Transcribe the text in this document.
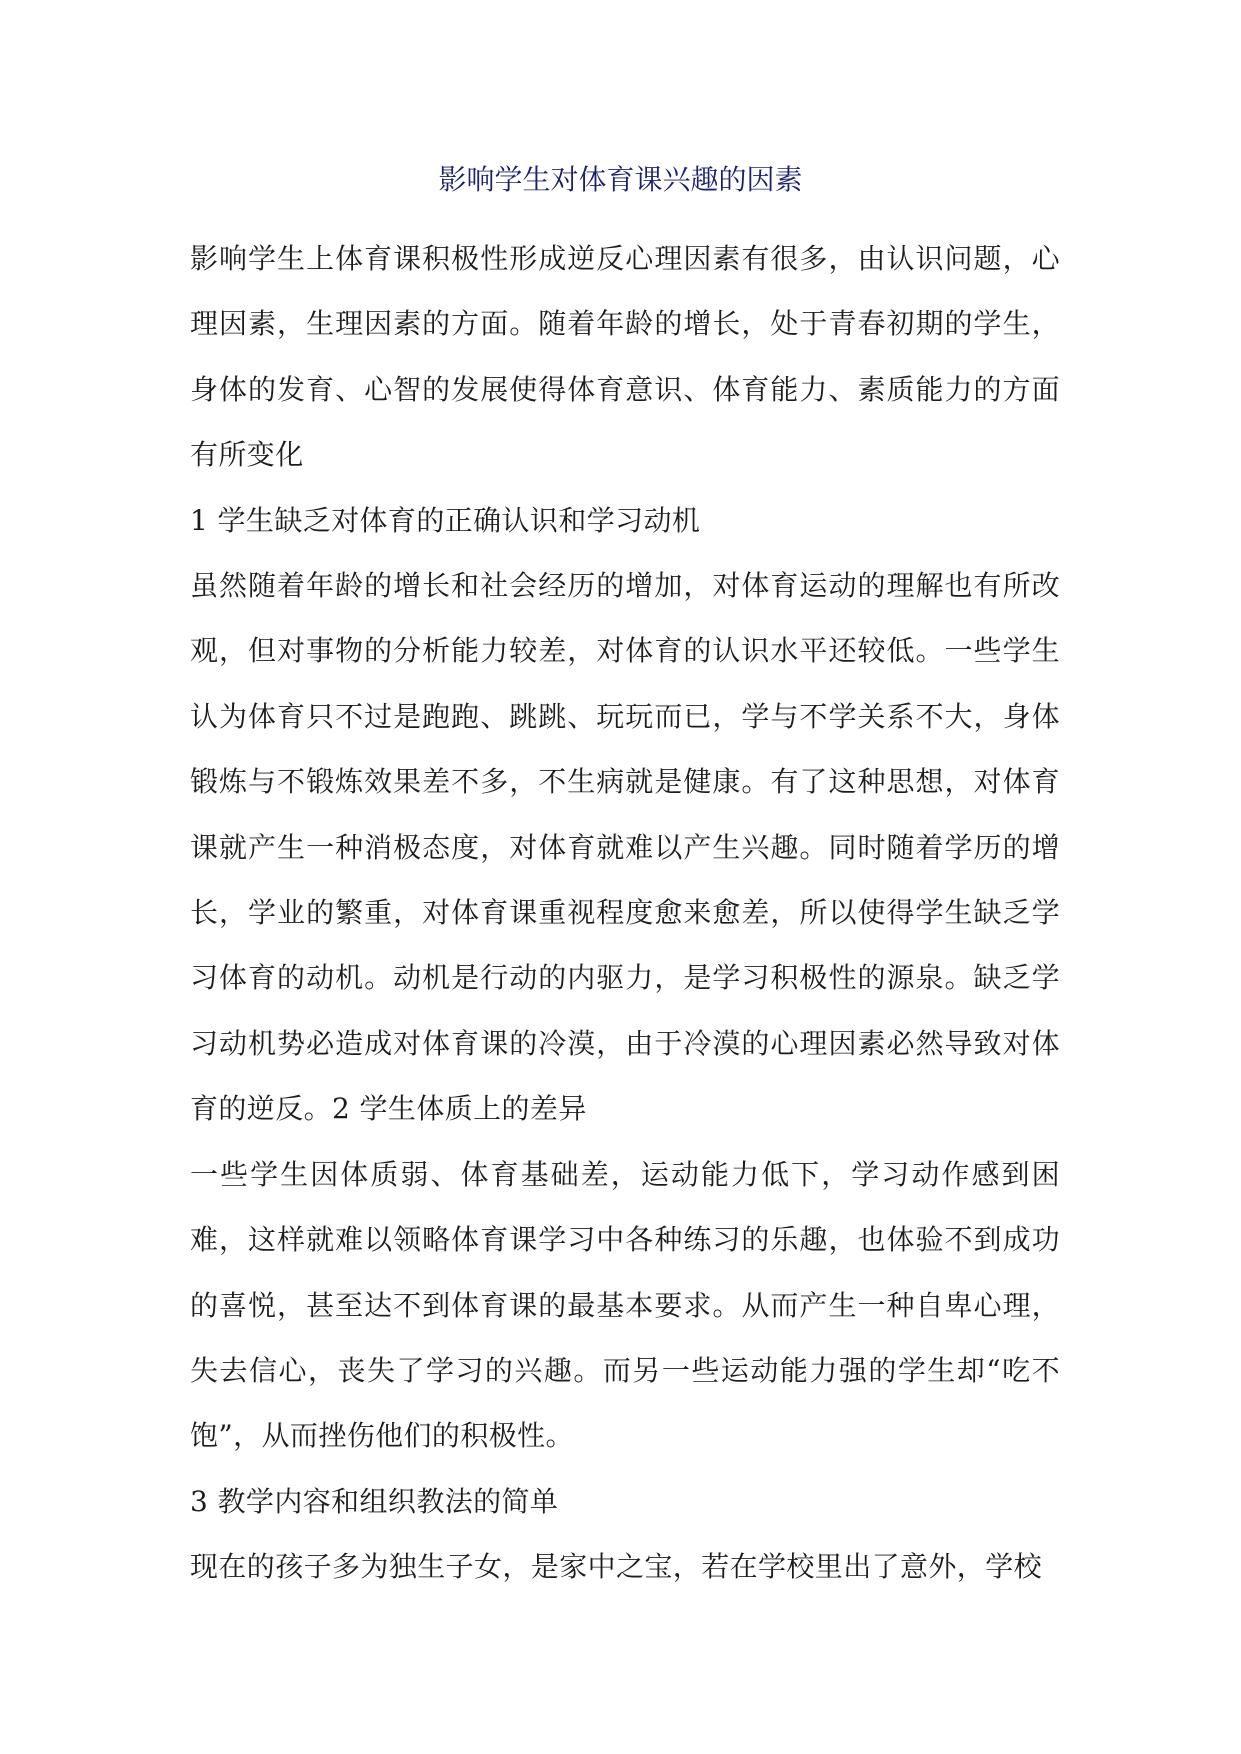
影响学生对体育课兴趣的因素

影响学生上体育课积极性形成逆反心理因素有很多，由认识问题，心理因素，生理因素的方面。随着年龄的增长，处于青春初期的学生，身体的发育、心智的发展使得体育意识、体育能力、素质能力的方面有所变化

1 学生缺乏对体育的正确认识和学习动机

虽然随着年龄的增长和社会经历的增加，对体育运动的理解也有所改观，但对事物的分析能力较差，对体育的认识水平还较低。一些学生认为体育只不过是跑跑、跳跳、玩玩而已，学与不学关系不大，身体锻炼与不锻炼效果差不多，不生病就是健康。有了这种思想，对体育课就产生一种消极态度，对体育就难以产生兴趣。同时随着学历的增长，学业的繁重，对体育课重视程度愈来愈差，所以使得学生缺乏学习体育的动机。动机是行动的内驱力，是学习积极性的源泉。缺乏学习动机势必造成对体育课的冷漠，由于冷漠的心理因素必然导致对体育的逆反。2 学生体质上的差异

一些学生因体质弱、体育基础差，运动能力低下，学习动作感到困难，这样就难以领略体育课学习中各种练习的乐趣，也体验不到成功的喜悦，甚至达不到体育课的最基本要求。从而产生一种自卑心理，失去信心，丧失了学习的兴趣。而另一些运动能力强的学生却“吃不饱”，从而挫伤他们的积极性。

3 教学内容和组织教法的简单

现在的孩子多为独生子女，是家中之宝，若在学校里出了意外，学校
